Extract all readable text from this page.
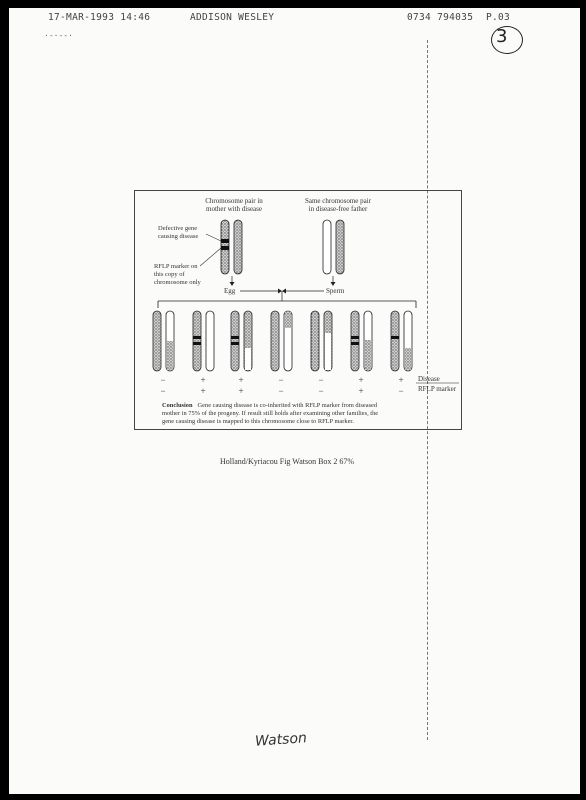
17-MAR-1993 14:46	ADDISON WESLEY	0734 794035 P.03
·-·--·	3
Chromosome pair in
mother with disease
Same chromosome pair
in disease-free father
Defective gene
causing disease
RFLP marker on
this copy of
chromosome only
Egg	Sperm
−	+	+	−	−	+	+
−	+	+	−	−	+	−
Disease
RFLP marker
Conclusion Gene causing disease is co-inherited with RFLP marker from diseased
mother in 75% of the progeny. If result still holds after examining other families, the
gene causing disease is mapped to this chromosome close to RFLP marker.
Holland/Kyriacou Fig Watson Box 2 67%
Watson
